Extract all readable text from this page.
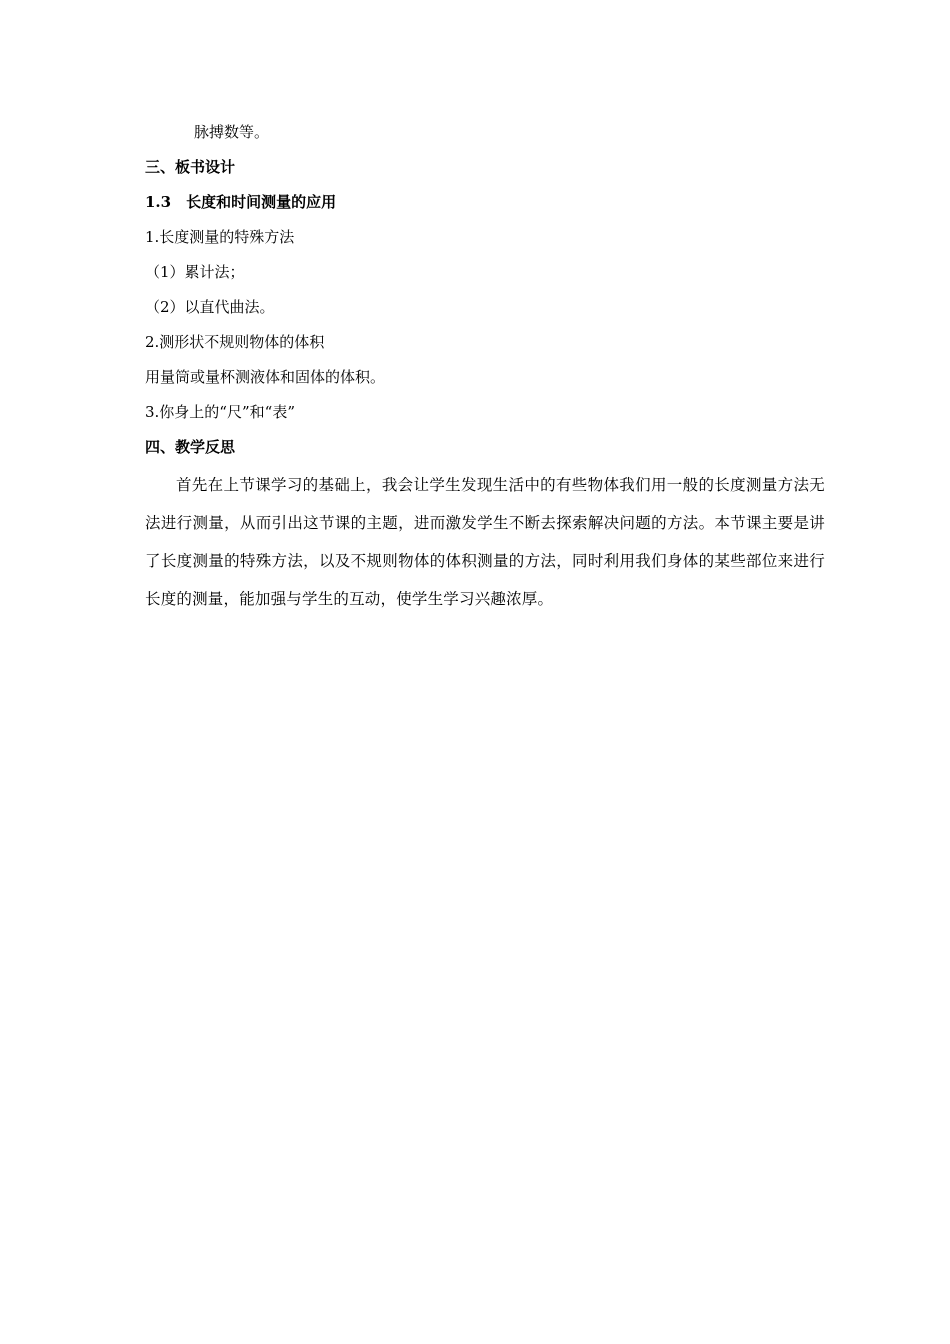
脉搏数等。
三、板书设计
1.3　长度和时间测量的应用
1.长度测量的特殊方法
（1）累计法；
（2）以直代曲法。
2.测形状不规则物体的体积
用量筒或量杯测液体和固体的体积。
3.你身上的“尺”和“表”
四、教学反思
首先在上节课学习的基础上，我会让学生发现生活中的有些物体我们用一般的长度测量方法无法进行测量，从而引出这节课的主题，进而激发学生不断去探索解决问题的方法。本节课主要是讲了长度测量的特殊方法，以及不规则物体的体积测量的方法，同时利用我们身体的某些部位来进行长度的测量，能加强与学生的互动，使学生学习兴趣浓厚。
